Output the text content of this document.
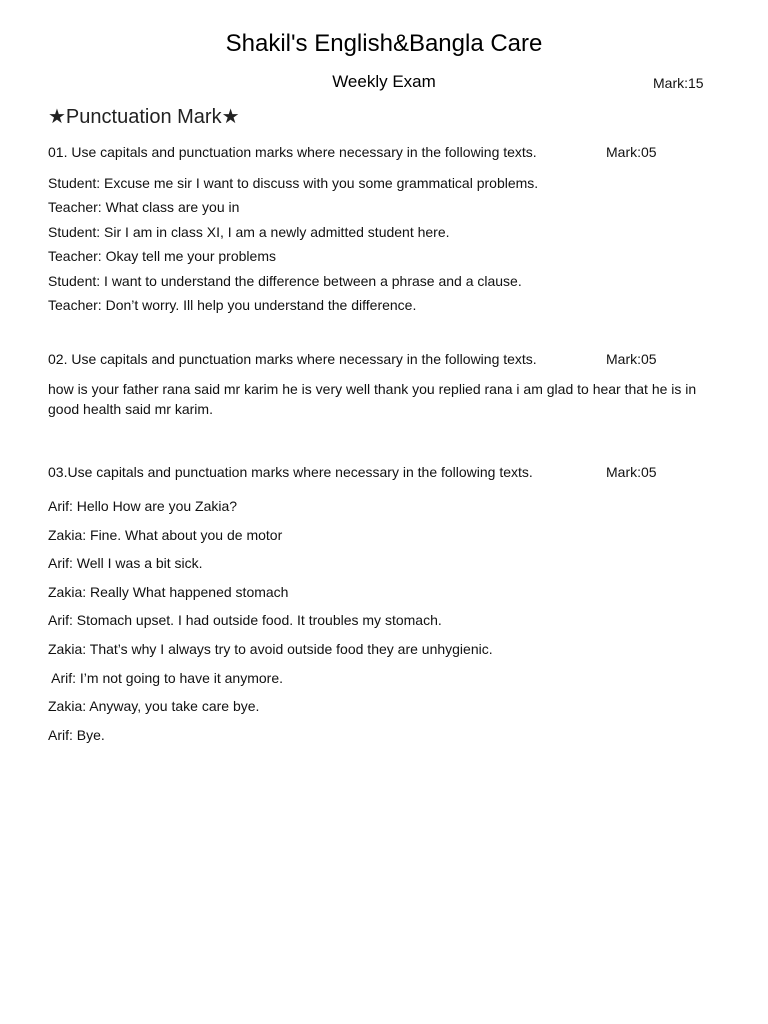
Shakil's English&Bangla Care
Weekly Exam	Mark:15
★Punctuation Mark★
01. Use capitals and punctuation marks where necessary in the following texts.	Mark:05
Student: Excuse me sir I want to discuss with you some grammatical problems.
Teacher: What class are you in
Student: Sir I am in class XI, I am a newly admitted student here.
Teacher: Okay tell me your problems
Student: I want to understand the difference between a phrase and a clause.
Teacher: Don’t worry. Ill help you understand the difference.
02. Use capitals and punctuation marks where necessary in the following texts.	Mark:05
how is your father rana said mr karim he is very well thank you replied rana i am glad to hear that he is in good health said mr karim.
03.Use capitals and punctuation marks where necessary in the following texts.	Mark:05
Arif: Hello How are you Zakia?
Zakia: Fine. What about you de motor
Arif: Well I was a bit sick.
Zakia: Really What happened stomach
Arif: Stomach upset. I had outside food. It troubles my stomach.
Zakia: That’s why I always try to avoid outside food they are unhygienic.
Arif: I’m not going to have it anymore.
Zakia: Anyway, you take care bye.
Arif: Bye.
